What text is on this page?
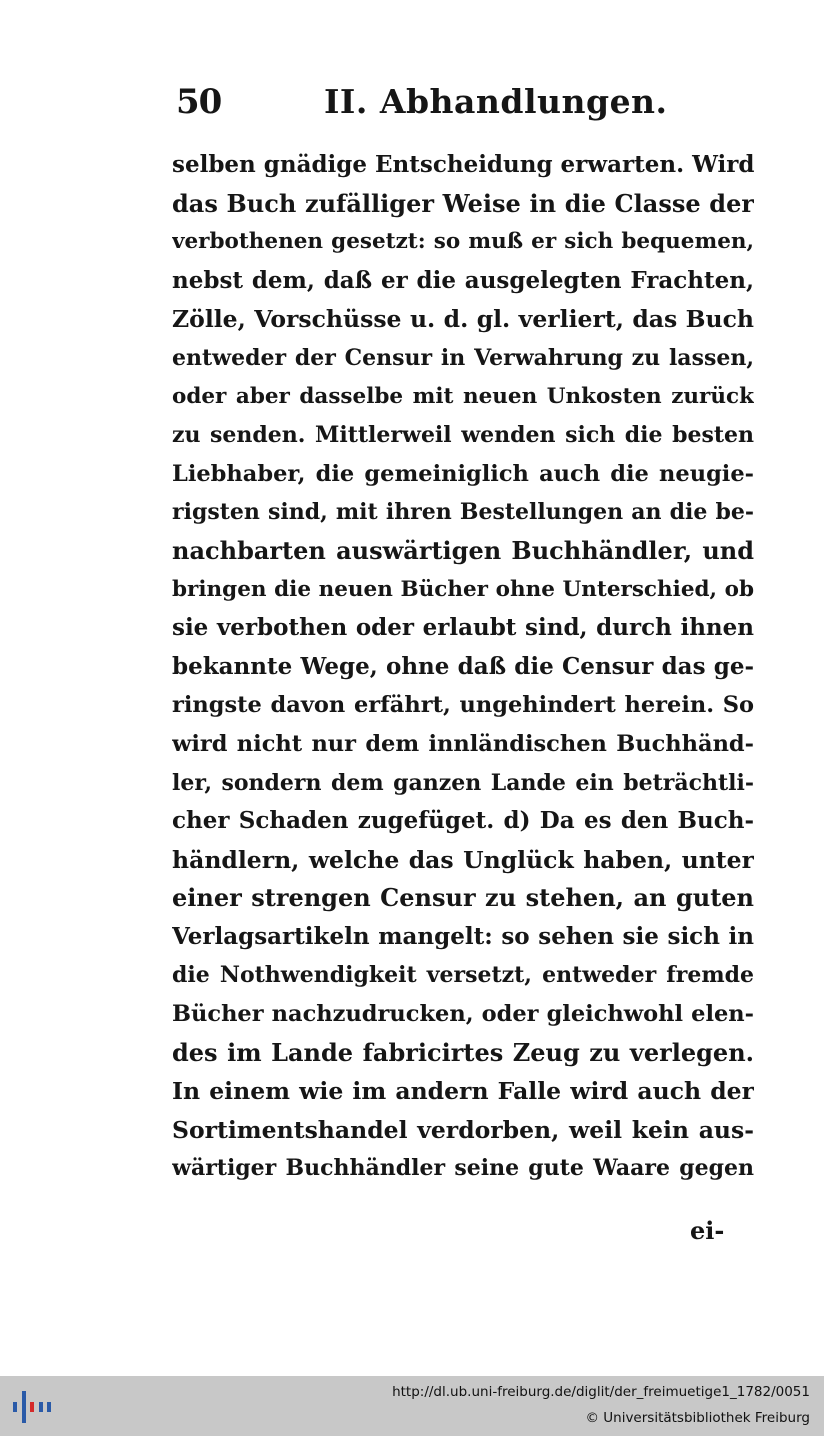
50	II. Abhandlungen.
selben gnädige Entscheidung erwarten. Wird
das Buch zufälliger Weise in die Classe der
verbothenen gesetzt: so muß er sich bequemen,
nebst dem, daß er die ausgelegten Frachten,
Zölle, Vorschüsse u. d. gl. verliert, das Buch
entweder der Censur in Verwahrung zu lassen,
oder aber dasselbe mit neuen Unkosten zurück
zu senden. Mittlerweil wenden sich die besten
Liebhaber, die gemeiniglich auch die neugie-
rigsten sind, mit ihren Bestellungen an die be-
nachbarten auswärtigen Buchhändler, und
bringen die neuen Bücher ohne Unterschied, ob
sie verbothen oder erlaubt sind, durch ihnen
bekannte Wege, ohne daß die Censur das ge-
ringste davon erfährt, ungehindert herein. So
wird nicht nur dem innländischen Buchhänd-
ler, sondern dem ganzen Lande ein beträchtli-
cher Schaden zugefüget. d) Da es den Buch-
händlern, welche das Unglück haben, unter
einer strengen Censur zu stehen, an guten
Verlagsartikeln mangelt: so sehen sie sich in
die Nothwendigkeit versetzt, entweder fremde
Bücher nachzudrucken, oder gleichwohl elen-
des im Lande fabricirtes Zeug zu verlegen.
In einem wie im andern Falle wird auch der
Sortimentshandel verdorben, weil kein aus-
wärtiger Buchhändler seine gute Waare gegen
ei-
http://dl.ub.uni-freiburg.de/diglit/der_freimuetige1_1782/0051
© Universitätsbibliothek Freiburg
